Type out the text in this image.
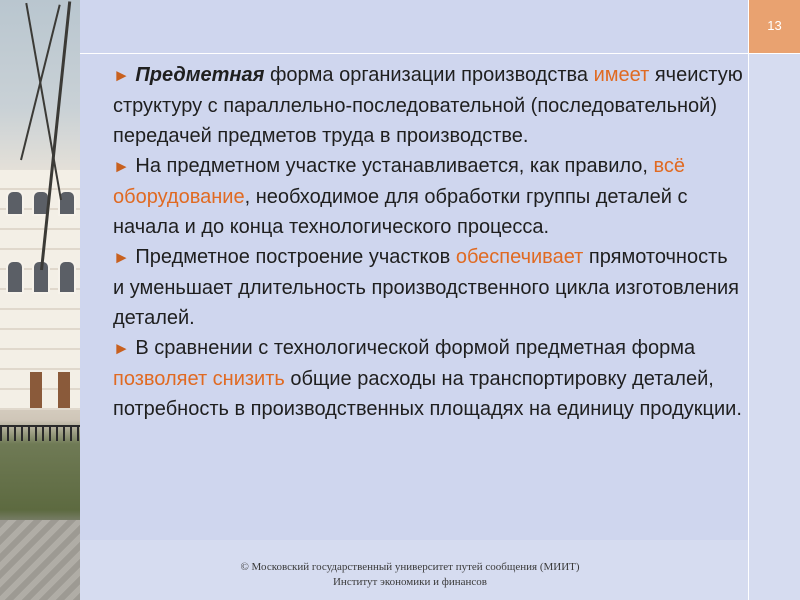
13

► Предметная форма организации производства имеет ячеистую структуру с параллельно-последовательной (последовательной) передачей предметов труда в производстве.

► На предметном участке устанавливается, как правило, всё оборудование, необходимое для обработки группы деталей с начала и до конца технологического процесса.

► Предметное построение участков обеспечивает прямоточность и уменьшает длительность производственного цикла изготовления деталей.

► В сравнении с технологической формой предметная форма позволяет снизить общие расходы на транспортировку деталей, потребность в производственных площадях на единицу продукции.

© Московский государственный университет путей сообщения (МИИТ)
Институт экономики и финансов
